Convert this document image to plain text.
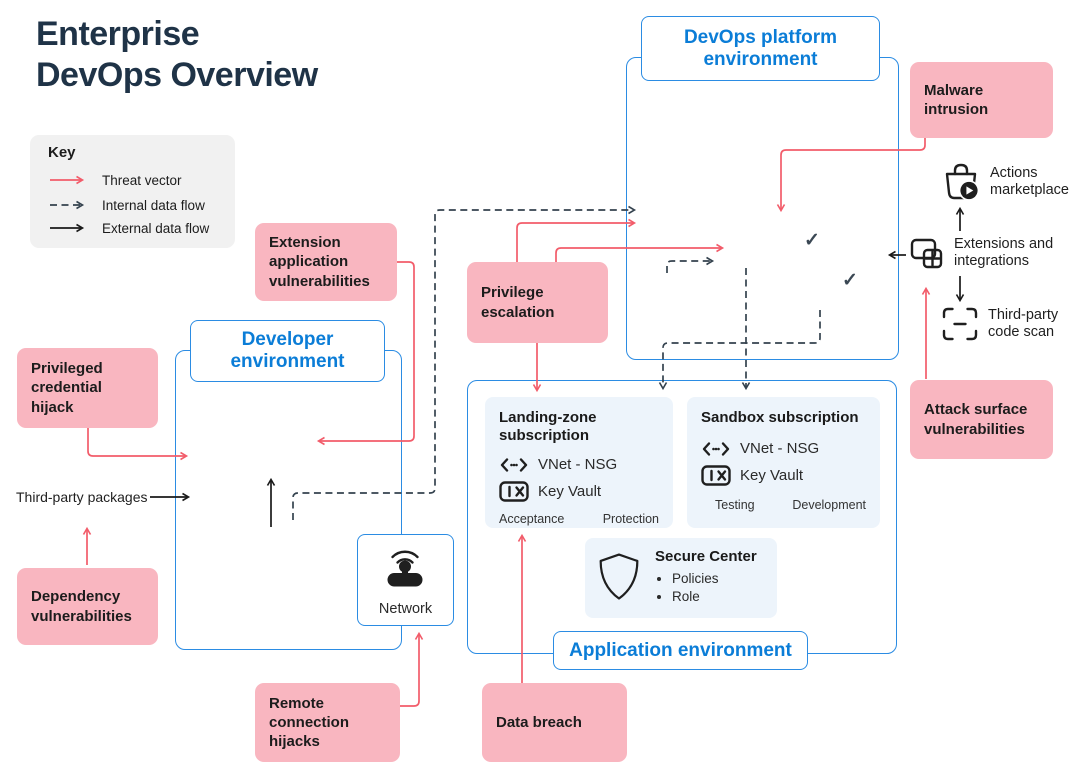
Enterprise
DevOps Overview
Key
Threat vector
Internal data flow
External data flow
Developer environment
DevOps platform environment
Application environment
Extension application vulnerabilities
Privileged credential hijack
Dependency vulnerabilities
Privilege escalation
Malware intrusion
Attack surface vulnerabilities
Remote connection hijacks
Data breach
Third-party packages
Network
✓
✓
Actions marketplace
Extensions and integrations
Third-party code scan
Landing-zone subscription
VNet - NSG
Key Vault
Acceptance	Protection
Sandbox subscription
VNet - NSG
Key Vault
Testing	Development
Secure Center
• Policies
• Role
